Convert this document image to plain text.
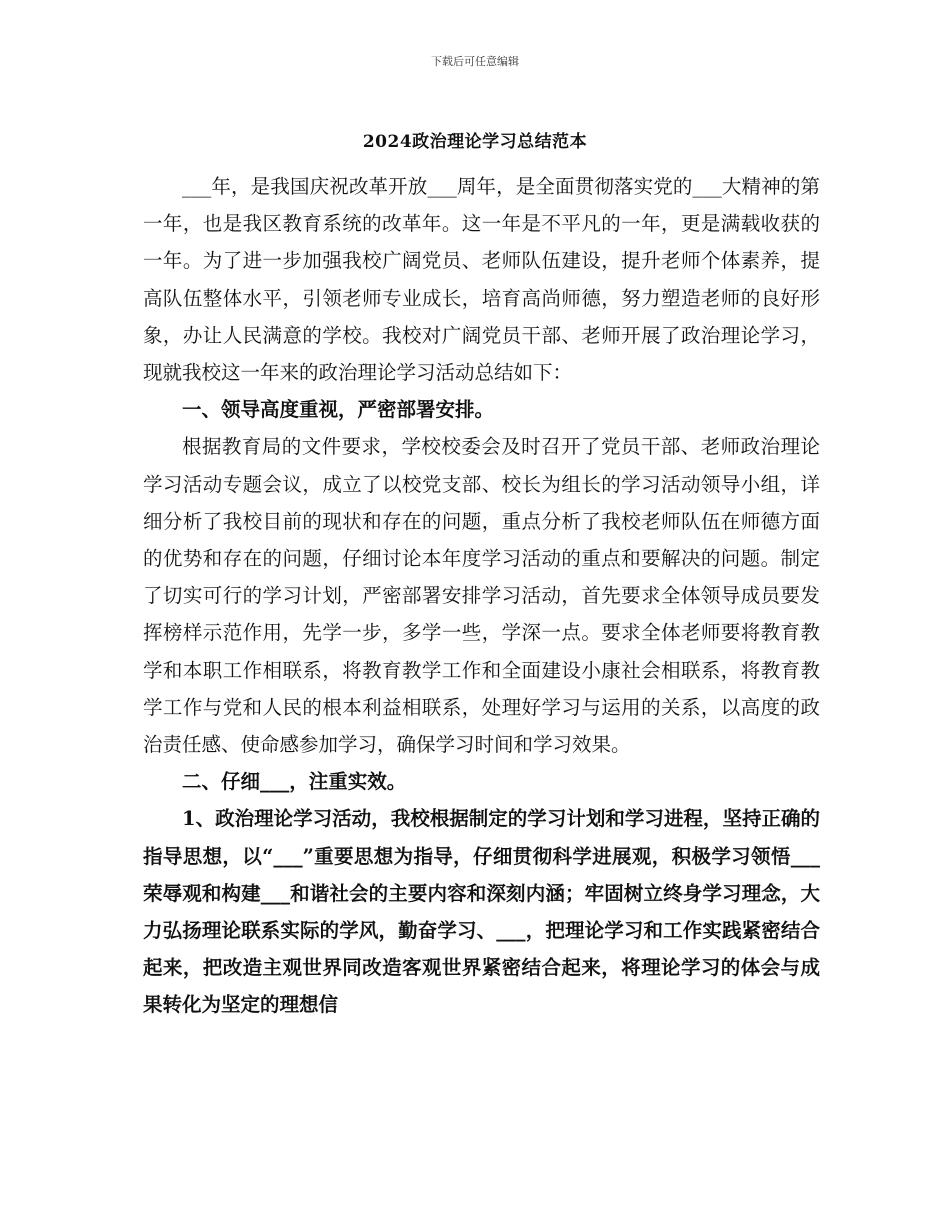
下载后可任意编辑
2024政治理论学习总结范本

___年，是我国庆祝改革开放___周年，是全面贯彻落实党的___大精神的第一年，也是我区教育系统的改革年。这一年是不平凡的一年，更是满载收获的一年。为了进一步加强我校广阔党员、老师队伍建设，提升老师个体素养，提高队伍整体水平，引领老师专业成长，培育高尚师德，努力塑造老师的良好形象，办让人民满意的学校。我校对广阔党员干部、老师开展了政治理论学习，现就我校这一年来的政治理论学习活动总结如下：

一、领导高度重视，严密部署安排。

根据教育局的文件要求，学校校委会及时召开了党员干部、老师政治理论学习活动专题会议，成立了以校党支部、校长为组长的学习活动领导小组，详细分析了我校目前的现状和存在的问题，重点分析了我校老师队伍在师德方面的优势和存在的问题，仔细讨论本年度学习活动的重点和要解决的问题。制定了切实可行的学习计划，严密部署安排学习活动，首先要求全体领导成员要发挥榜样示范作用，先学一步，多学一些，学深一点。要求全体老师要将教育教学和本职工作相联系，将教育教学工作和全面建设小康社会相联系，将教育教学工作与党和人民的根本利益相联系，处理好学习与运用的关系，以高度的政治责任感、使命感参加学习，确保学习时间和学习效果。

二、仔细___，注重实效。

1、政治理论学习活动，我校根据制定的学习计划和学习进程，坚持正确的指导思想，以“___”重要思想为指导，仔细贯彻科学进展观，积极学习领悟___荣辱观和构建___和谐社会的主要内容和深刻内涵；牢固树立终身学习理念，大力弘扬理论联系实际的学风，勤奋学习、___，把理论学习和工作实践紧密结合起来，把改造主观世界同改造客观世界紧密结合起来，将理论学习的体会与成果转化为坚定的理想信
